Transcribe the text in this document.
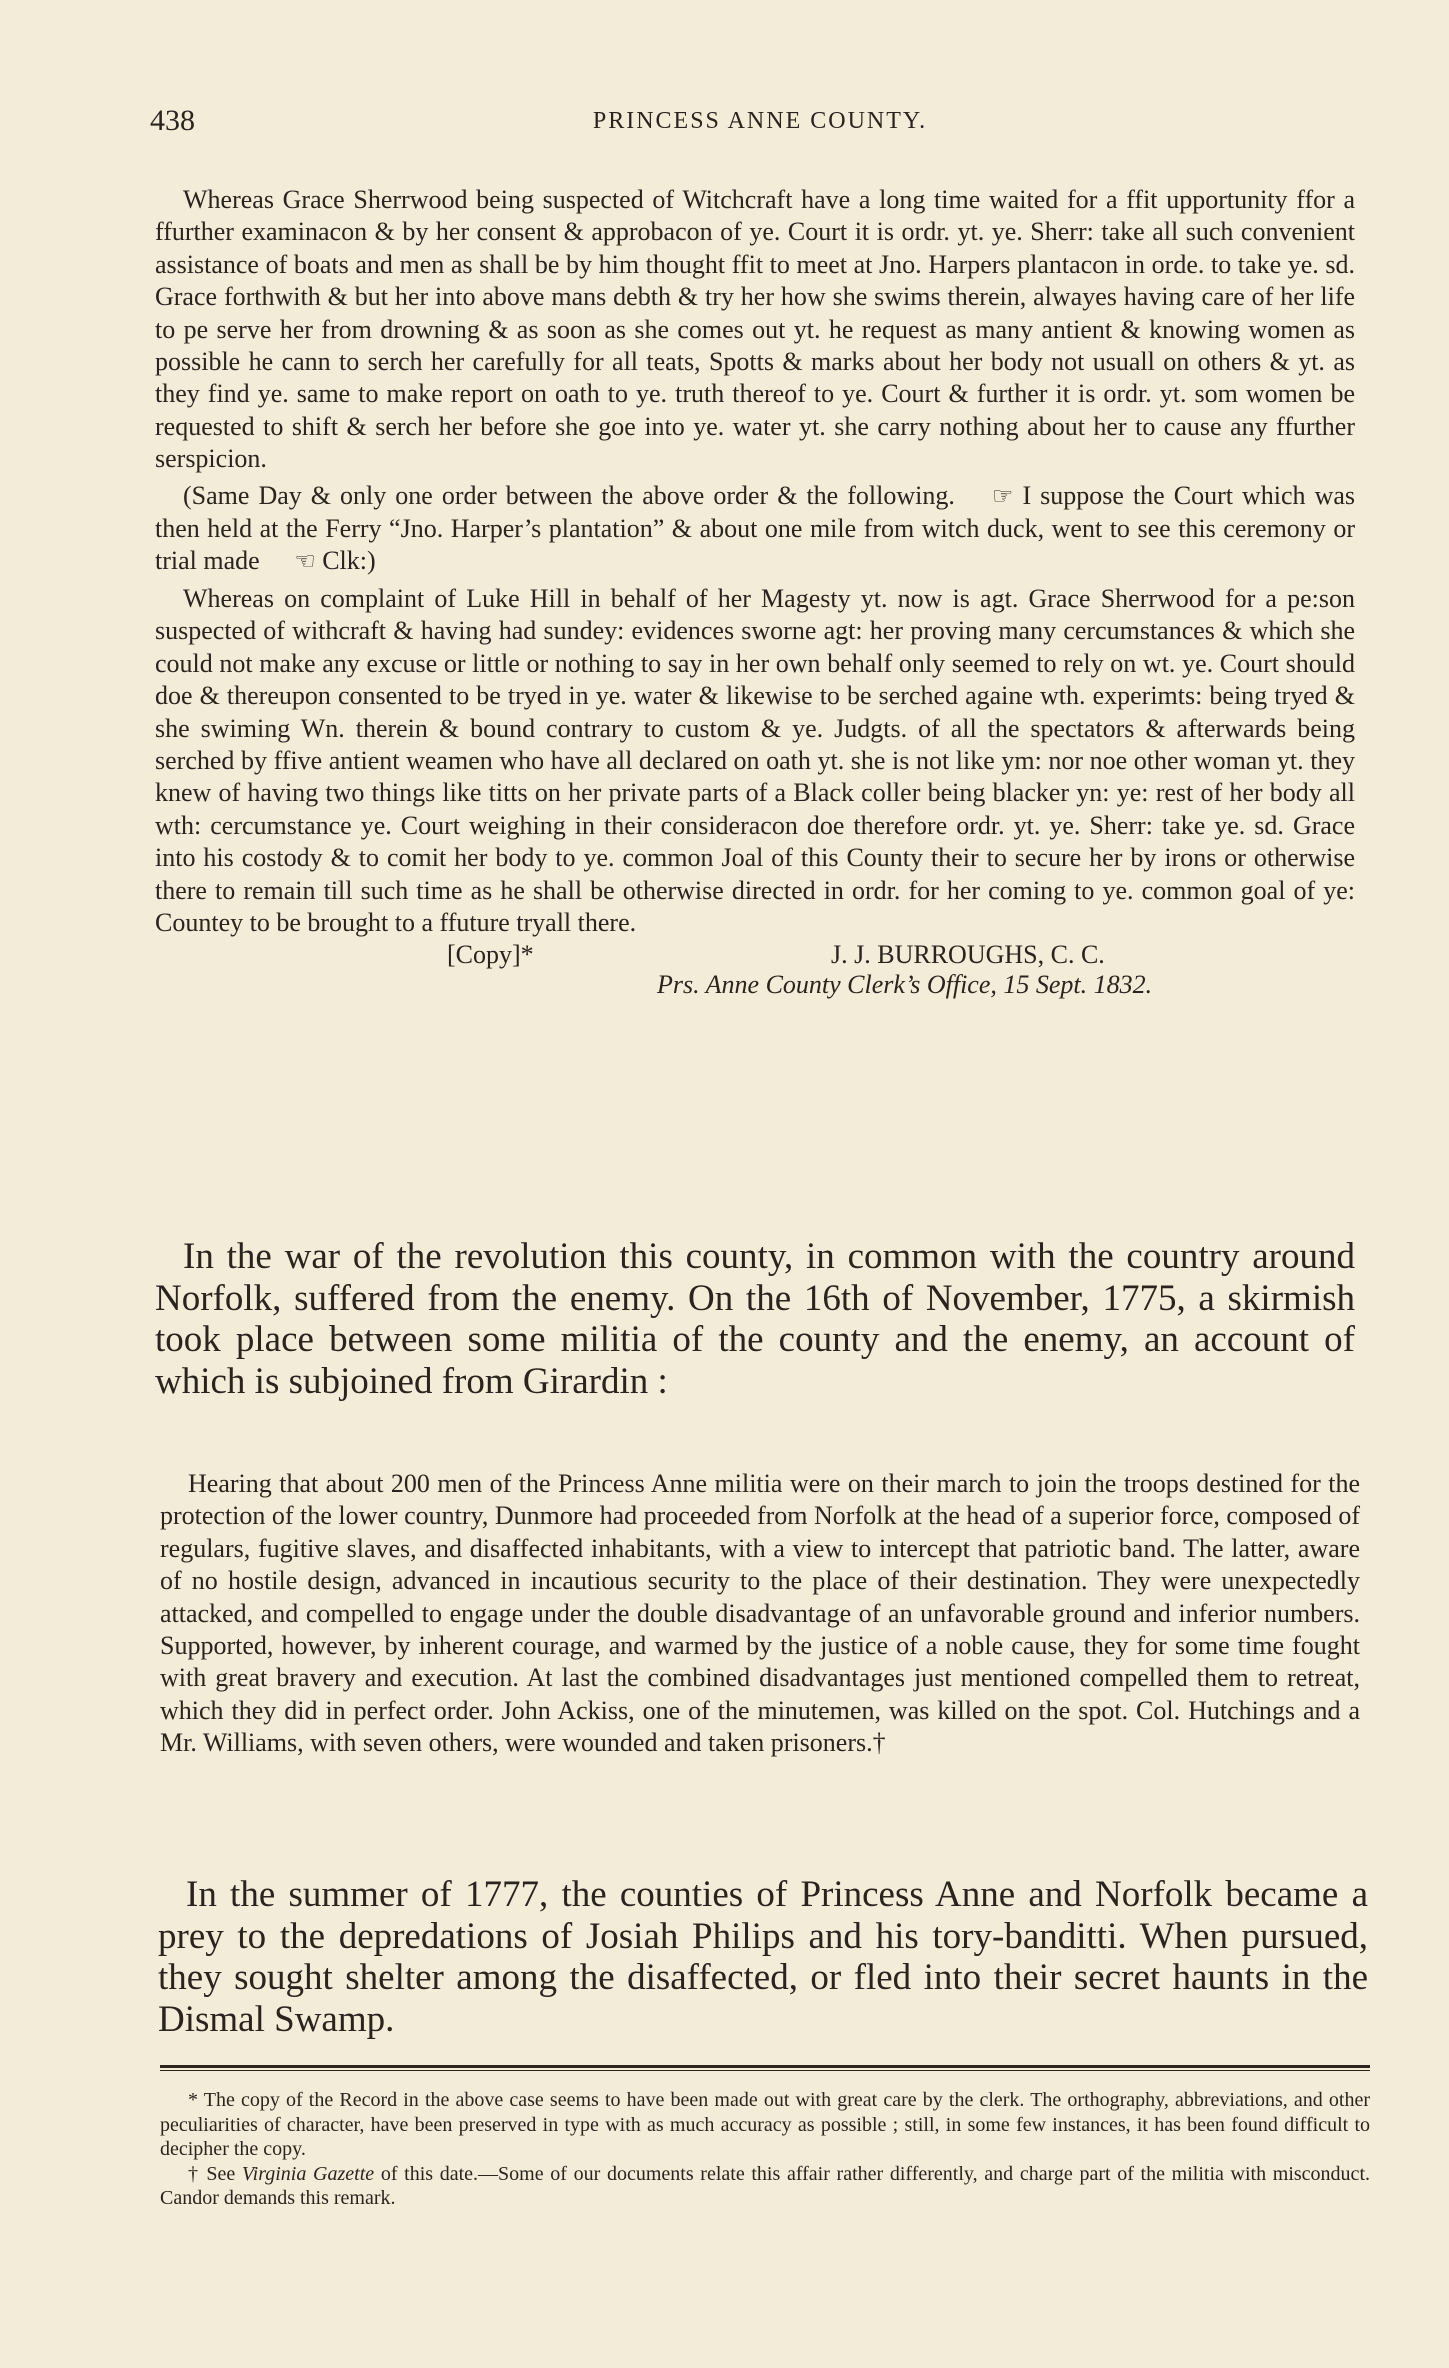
438	PRINCESS ANNE COUNTY.

Whereas Grace Sherrwood being suspected of Witchcraft have a long time waited for a ffit upportunity ffor a ffurther examinacon & by her consent & approbacon of ye. Court it is ordr. yt. ye. Sherr: take all such convenient assistance of boats and men as shall be by him thought ffit to meet at Jno. Harpers plantacon in orde. to take ye. sd. Grace forthwith & but her into above mans debth & try her how she swims therein, alwayes having care of her life to pe serve her from drowning & as soon as she comes out yt. he request as many antient & knowing women as possible he cann to serch her carefully for all teats, Spotts & marks about her body not usuall on others & yt. as they find ye. same to make report on oath to ye. truth thereof to ye. Court & further it is ordr. yt. som women be requested to shift & serch her before she goe into ye. water yt. she carry nothing about her to cause any ffurther serspicion.

(Same Day & only one order between the above order & the following. ☞ I suppose the Court which was then held at the Ferry “Jno. Harper’s plantation” & about one mile from witch duck, went to see this ceremony or trial made ☜ Clk:)

Whereas on complaint of Luke Hill in behalf of her Magesty yt. now is agt. Grace Sherrwood for a pe:son suspected of withcraft & having had sundey: evidences sworne agt: her proving many cercumstances & which she could not make any excuse or little or nothing to say in her own behalf only seemed to rely on wt. ye. Court should doe & thereupon consented to be tryed in ye. water & likewise to be serched againe wth. experimts: being tryed & she swiming Wn. therein & bound contrary to custom & ye. Judgts. of all the spectators & afterwards being serched by ffive antient weamen who have all declared on oath yt. she is not like ym: nor noe other woman yt. they knew of having two things like titts on her private parts of a Black coller being blacker yn: ye: rest of her body all wth: cercumstance ye. Court weighing in their consideracon doe therefore ordr. yt. ye. Sherr: take ye. sd. Grace into his costody & to comit her body to ye. common Joal of this County their to secure her by irons or otherwise there to remain till such time as he shall be otherwise directed in ordr. for her coming to ye. common goal of ye: Countey to be brought to a ffuture tryall there.

[Copy]*	J. J. BURROUGHS, C. C.
Prs. Anne County Clerk’s Office, 15 Sept. 1832.

In the war of the revolution this county, in common with the country around Norfolk, suffered from the enemy. On the 16th of November, 1775, a skirmish took place between some militia of the county and the enemy, an account of which is subjoined from Girardin :

Hearing that about 200 men of the Princess Anne militia were on their march to join the troops destined for the protection of the lower country, Dunmore had proceeded from Norfolk at the head of a superior force, composed of regulars, fugitive slaves, and disaffected inhabitants, with a view to intercept that patriotic band. The latter, aware of no hostile design, advanced in incautious security to the place of their destination. They were unexpectedly attacked, and compelled to engage under the double disadvantage of an unfavorable ground and inferior numbers. Supported, however, by inherent courage, and warmed by the justice of a noble cause, they for some time fought with great bravery and execution. At last the combined disadvantages just mentioned compelled them to retreat, which they did in perfect order. John Ackiss, one of the minutemen, was killed on the spot. Col. Hutchings and a Mr. Williams, with seven others, were wounded and taken prisoners.†

In the summer of 1777, the counties of Princess Anne and Norfolk became a prey to the depredations of Josiah Philips and his tory-banditti. When pursued, they sought shelter among the disaffected, or fled into their secret haunts in the Dismal Swamp.

* The copy of the Record in the above case seems to have been made out with great care by the clerk. The orthography, abbreviations, and other peculiarities of character, have been preserved in type with as much accuracy as possible ; still, in some few instances, it has been found difficult to decipher the copy.

† See Virginia Gazette of this date.—Some of our documents relate this affair rather differently, and charge part of the militia with misconduct. Candor demands this remark.
